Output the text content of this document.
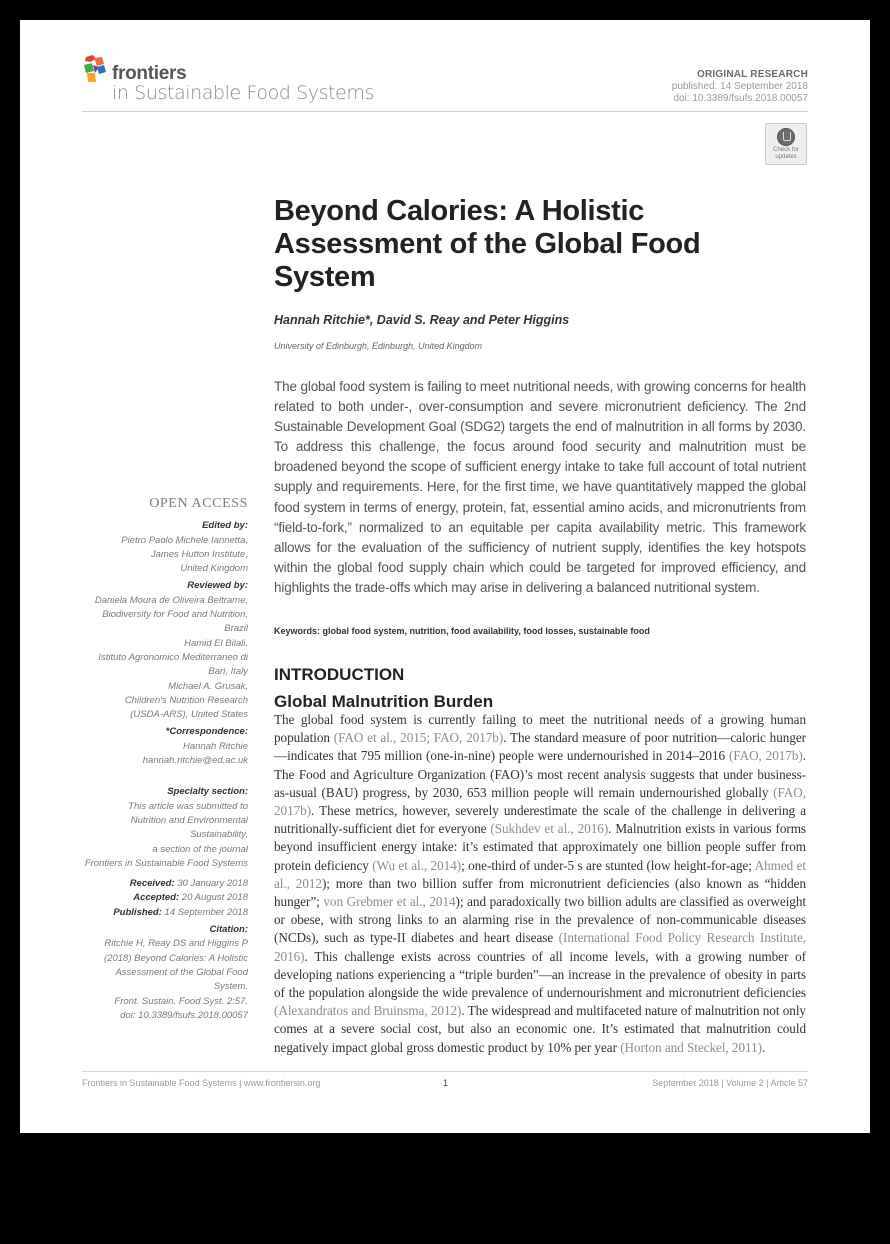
frontiers
in Sustainable Food Systems
ORIGINAL RESEARCH
published: 14 September 2018
doi: 10.3389/fsufs.2018.00057
Check for
updates
Beyond Calories: A Holistic Assessment of the Global Food System
Hannah Ritchie*, David S. Reay and Peter Higgins
University of Edinburgh, Edinburgh, United Kingdom

The global food system is failing to meet nutritional needs, with growing concerns for health related to both under-, over-consumption and severe micronutrient deficiency. The 2nd Sustainable Development Goal (SDG2) targets the end of malnutrition in all forms by 2030. To address this challenge, the focus around food security and malnutrition must be broadened beyond the scope of sufficient energy intake to take full account of total nutrient supply and requirements. Here, for the first time, we have quantitatively mapped the global food system in terms of energy, protein, fat, essential amino acids, and micronutrients from “field-to-fork,” normalized to an equitable per capita availability metric. This framework allows for the evaluation of the sufficiency of nutrient supply, identifies the key hotspots within the global food supply chain which could be targeted for improved efficiency, and highlights the trade-offs which may arise in delivering a balanced nutritional system.

Keywords: global food system, nutrition, food availability, food losses, sustainable food
INTRODUCTION
Global Malnutrition Burden

The global food system is currently failing to meet the nutritional needs of a growing human population (FAO et al., 2015; FAO, 2017b). The standard measure of poor nutrition—caloric hunger—indicates that 795 million (one-in-nine) people were undernourished in 2014–2016 (FAO, 2017b). The Food and Agriculture Organization (FAO)’s most recent analysis suggests that under business-as-usual (BAU) progress, by 2030, 653 million people will remain undernourished globally (FAO, 2017b). These metrics, however, severely underestimate the scale of the challenge in delivering a nutritionally-sufficient diet for everyone (Sukhdev et al., 2016). Malnutrition exists in various forms beyond insufficient energy intake: it’s estimated that approximately one billion people suffer from protein deficiency (Wu et al., 2014); one-third of under-5 s are stunted (low height-for-age; Ahmed et al., 2012); more than two billion suffer from micronutrient deficiencies (also known as “hidden hunger”; von Grebmer et al., 2014); and paradoxically two billion adults are classified as overweight or obese, with strong links to an alarming rise in the prevalence of non-communicable diseases (NCDs), such as type-II diabetes and heart disease (International Food Policy Research Institute, 2016). This challenge exists across countries of all income levels, with a growing number of developing nations experiencing a “triple burden”—an increase in the prevalence of obesity in parts of the population alongside the wide prevalence of undernourishment and micronutrient deficiencies (Alexandratos and Bruinsma, 2012). The widespread and multifaceted nature of malnutrition not only comes at a severe social cost, but also an economic one. It’s estimated that malnutrition could negatively impact global gross domestic product by 10% per year (Horton and Steckel, 2011).

OPEN ACCESS
Edited by:
Pietro Paolo Michele Iannetta,
James Hutton Institute,
United Kingdom
Reviewed by:
Daniela Moura de Oliveira Beltrame,
Biodiversity for Food and Nutrition,
Brazil
Hamid El Bilali,
Istituto Agronomico Mediterraneo di
Bari, Italy
Michael A. Grusak,
Children's Nutrition Research
(USDA-ARS), United States
*Correspondence:
Hannah Ritchie
hannah.ritchie@ed.ac.uk
Specialty section:
This article was submitted to
Nutrition and Environmental
Sustainability,
a section of the journal
Frontiers in Sustainable Food Systems
Received: 30 January 2018
Accepted: 20 August 2018
Published: 14 September 2018
Citation:
Ritchie H, Reay DS and Higgins P
(2018) Beyond Calories: A Holistic
Assessment of the Global Food
System.
Front. Sustain. Food Syst. 2:57.
doi: 10.3389/fsufs.2018.00057
Frontiers in Sustainable Food Systems | www.frontiersin.org	1	September 2018 | Volume 2 | Article 57
